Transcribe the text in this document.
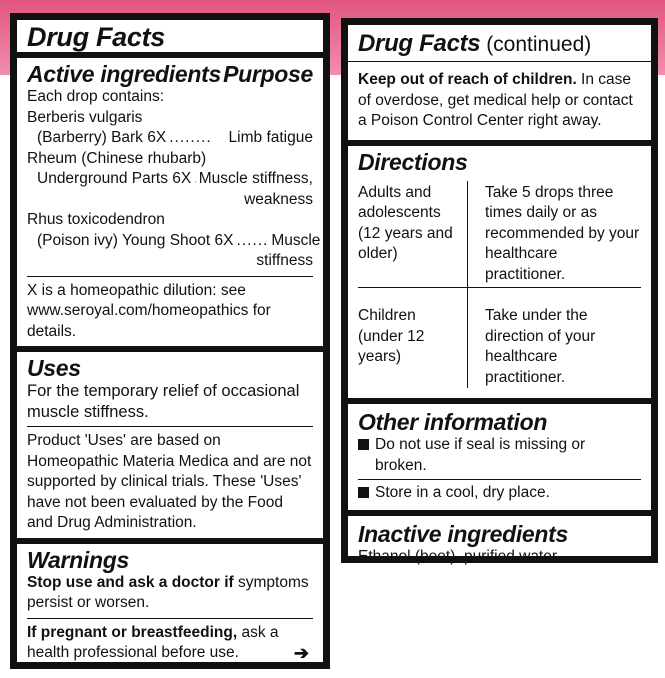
Drug Facts
Active ingredients Purpose
Each drop contains:
Berberis vulgaris
(Barberry) Bark 6X ........	Limb fatigue
Rheum (Chinese rhubarb)
Underground Parts 6X Muscle stiffness,
weakness
Rhus toxicodendron
(Poison ivy) Young Shoot 6X ...... Muscle
stiffness
X is a homeopathic dilution: see www.seroyal.com/homeopathics for details.
Uses
For the temporary relief of occasional muscle stiffness.
Product 'Uses' are based on Homeopathic Materia Medica and are not supported by clinical trials. These 'Uses' have not been evaluated by the Food and Drug Administration.
Warnings
Stop use and ask a doctor if symptoms persist or worsen.
If pregnant or breastfeeding, ask a health professional before use.	➔
Drug Facts (continued)
Keep out of reach of children. In case of overdose, get medical help or contact a Poison Control Center right away.
Directions
Adults and adolescents (12 years and older)
Take 5 drops three times daily or as recommended by your healthcare practitioner.
Children (under 12 years)
Take under the direction of your healthcare practitioner.
Other information
Do not use if seal is missing or broken.
Store in a cool, dry place.
Inactive ingredients
Ethanol (beet), purified water
